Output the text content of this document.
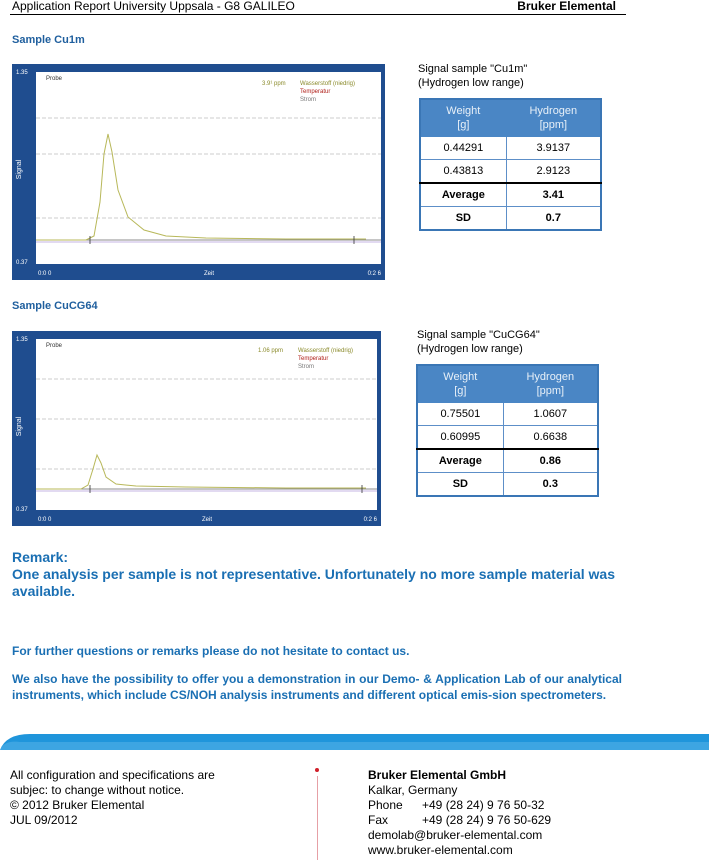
Application Report University Uppsala - G8 GALILEO	Bruker Elemental
Sample Cu1m
1.35
Signal
0.37
Probe
3.9¹ ppm Wasserstoff (niedrig)
Temperatur
Strom
0:0 0	Zeit	0:2 6
Signal sample "Cu1m"
(Hydrogen low range)
Weight
[g]	Hydrogen
[ppm]
0.44291	3.9137
0.43813	2.9123
Average	3.41
SD	0.7
Sample CuCG64
1.35
Signal
0.37
Probe
1.06 ppm Wasserstoff (niedrig)
Temperatur
Strom
0:0 0	Zeit	0:2 6
Signal sample "CuCG64"
(Hydrogen low range)
Weight
[g]	Hydrogen
[ppm]
0.75501	1.0607
0.60995	0.6638
Average	0.86
SD	0.3
Remark:
One analysis per sample is not representative. Unfortunately no more sample material was available.
For further questions or remarks please do not hesitate to contact us.
We also have the possibility to offer you a demonstration in our Demo- & Application Lab of our analytical instruments, which include CS/NOH analysis instruments and different optical emis-sion spectrometers.
All configuration and specifications are
subjec: to change without notice.
© 2012 Bruker Elemental
JUL 09/2012
Bruker Elemental GmbH
Kalkar, Germany
Phone +49 (28 24) 9 76 50-32
Fax	+49 (28 24) 9 76 50-629
demolab@bruker-elemental.com
www.bruker-elemental.com
